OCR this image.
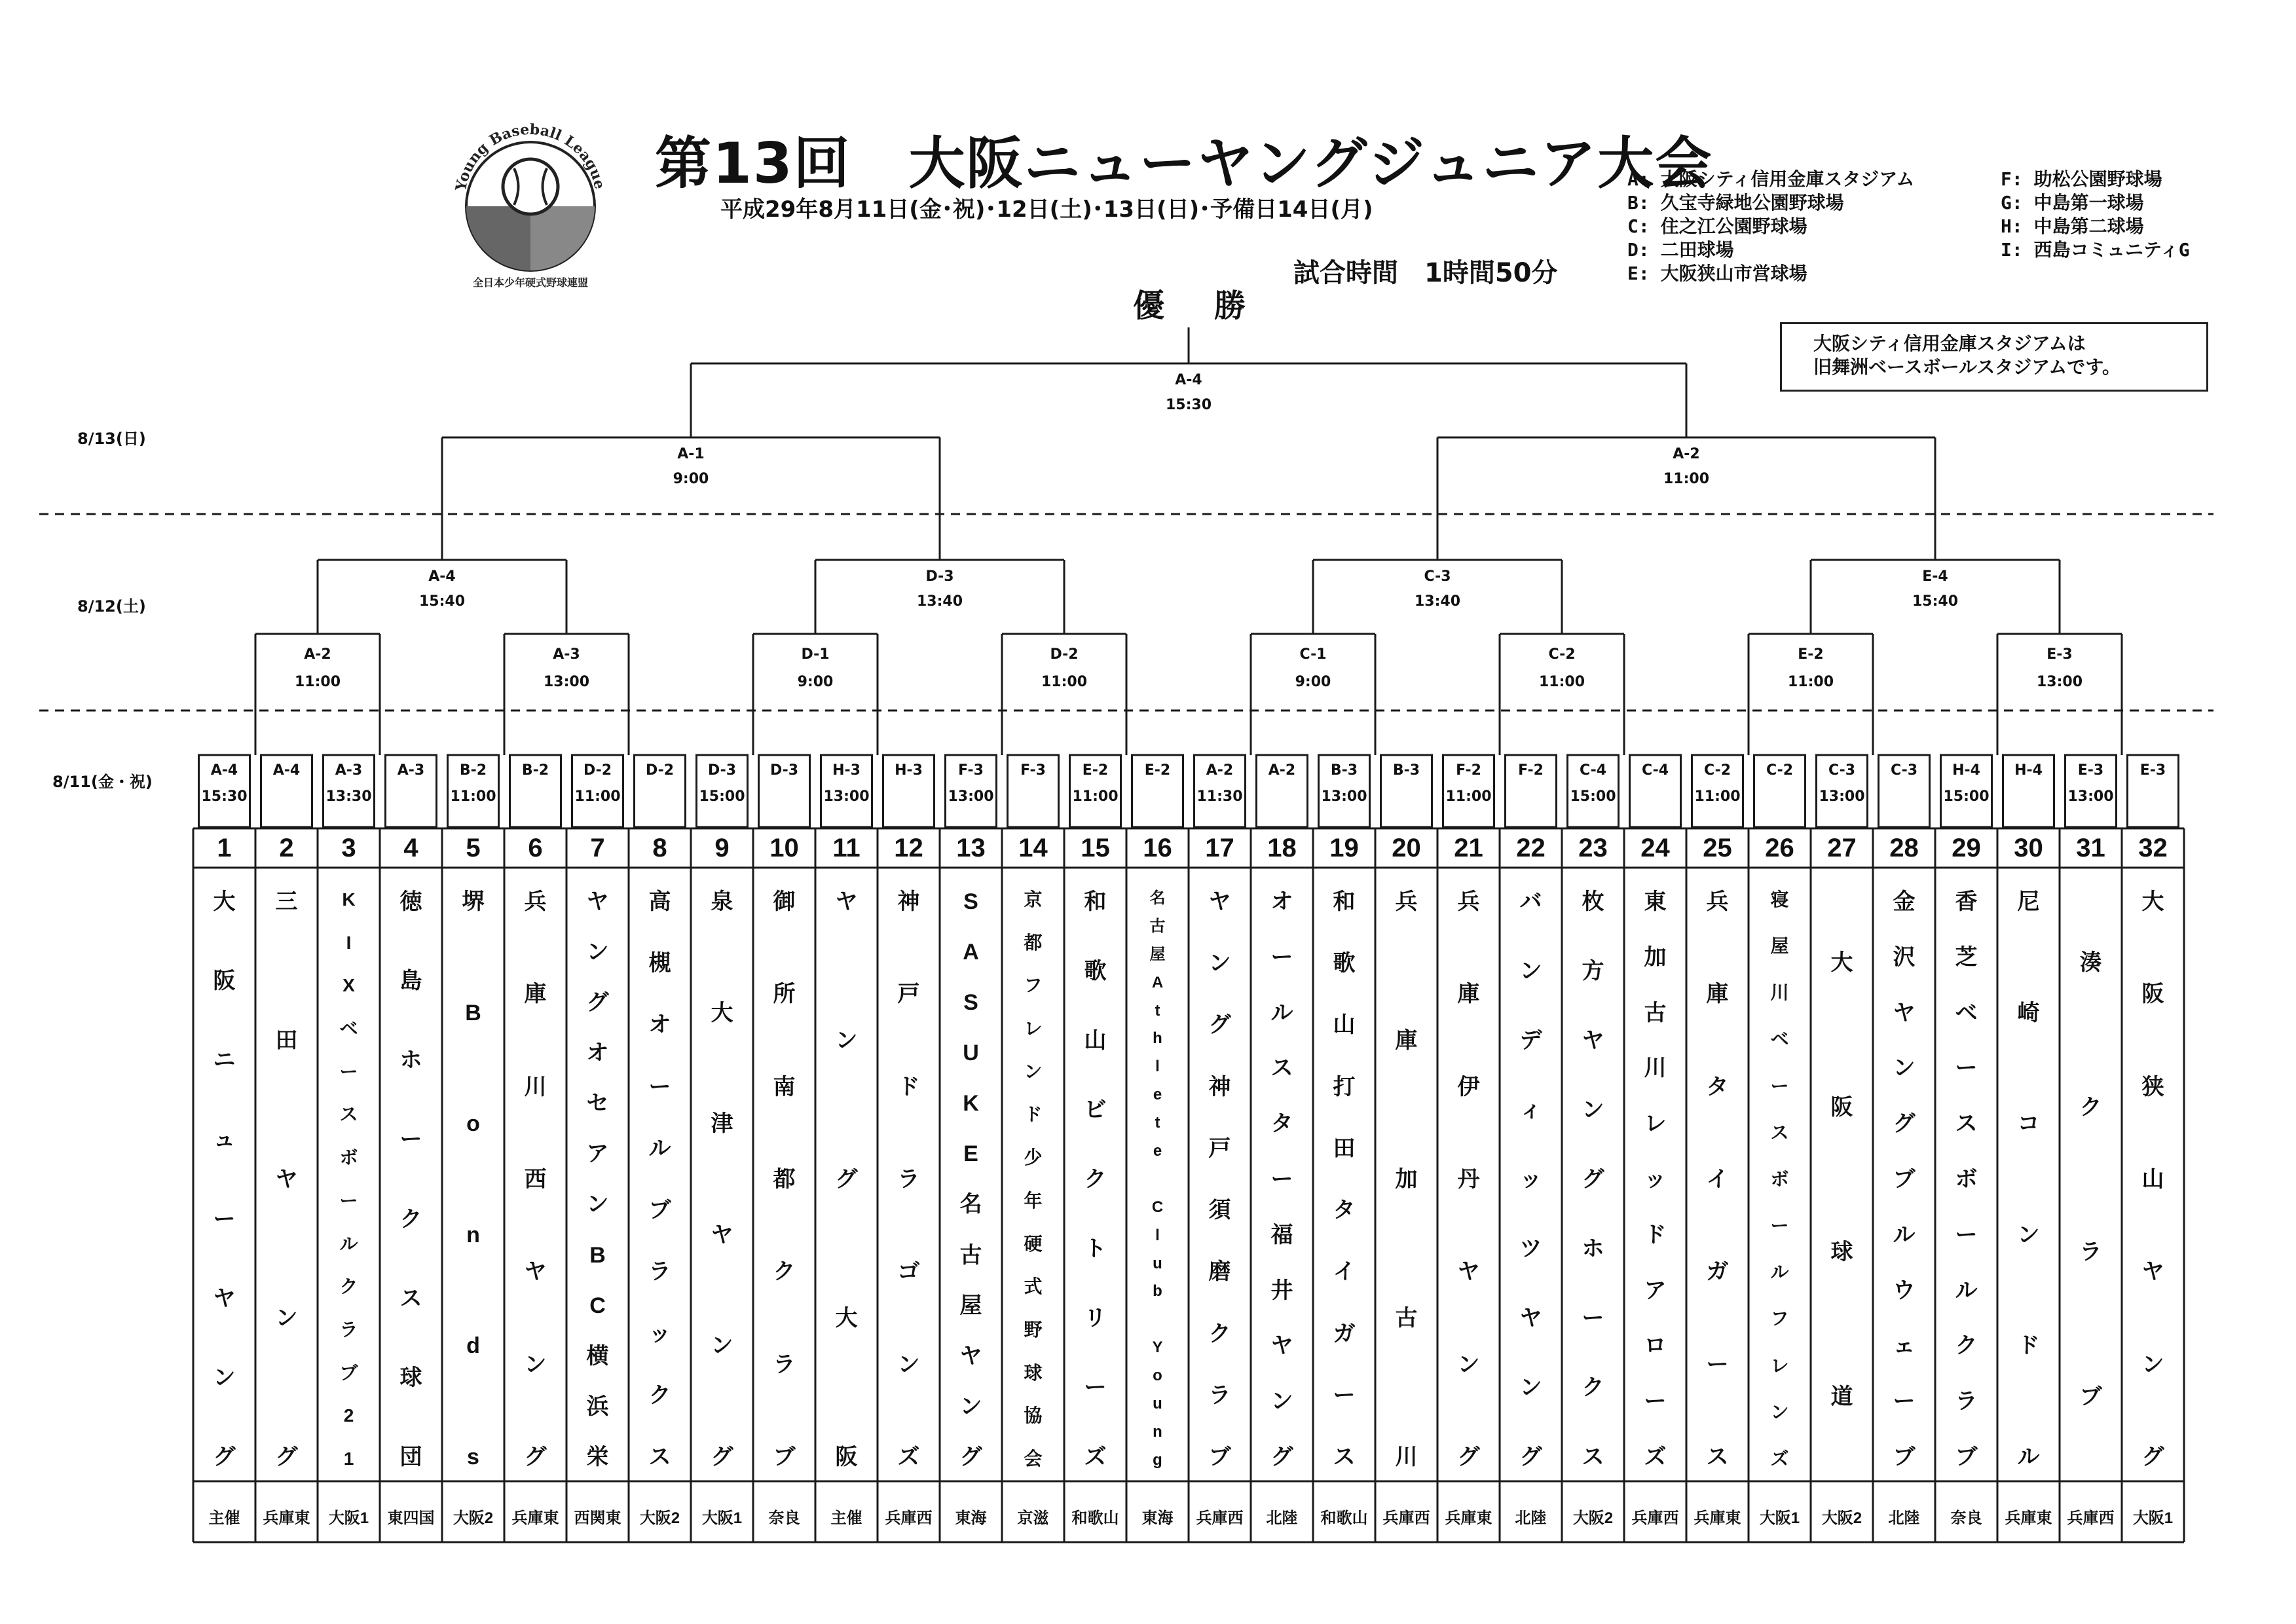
Young Baseball League
全日本少年硬式野球連盟
第13回　大阪ニューヤングジュニア大会
平成29年8月11日(金･祝)･12日(土)･13日(日)･予備日14日(月)
試合時間　1時間50分
優　勝
A: 大阪シティ信用金庫スタジアム
B: 久宝寺緑地公園野球場
C: 住之江公園野球場
D: 二田球場
E: 大阪狭山市営球場
F: 助松公園野球場
G: 中島第一球場
H: 中島第二球場
I: 西島コミュニティG
大阪シティ信用金庫スタジアムは
旧舞洲ベースボールスタジアムです。
8/13(日)
8/12(土)
8/11(金・祝)
A-4
15:30
A-4 A-3
13:30
A-3 B-2
11:00
B-2 D-2
11:00
D-2 D-3
15:00
D-3 H-3
13:00
H-3 F-3
13:00
F-3	E-2
11:00
E-2 A-2
11:30
A-2 B-3
13:00
B-3 F-2
11:00
F-2	C-4
15:00
C-4 C-2
11:00
C-2 C-3
13:00
C-3 H-4
15:00
H-4 E-3
13:00
E-3
A-2
11:00
A-3
13:00
D-1
9:00
D-2
11:00
C-1
9:00
C-2
11:00
E-2
11:00
E-3
13:00
A-4
15:40
D-3
13:40
C-3
13:40
E-4
15:40
A-1
9:00
A-2
11:00
A-4
15:30
1
大
阪
ニ
ュ
ー
ヤ
ン
グ
主催
2
三
田
ヤ
ン
グ
兵庫東
3
K
I
X
ベ
ー
ス
ボ
ー
ル
ク
ラ
ブ
2
1
大阪1
4
徳
島
ホ
ー
ク
ス
球
団
東四国
5
堺
B
o
n
d
s
大阪2
6
兵
庫
川
西
ヤ
ン
グ
兵庫東
7
ヤ
ン
グ
オ
セ
ア
ン
B
C
横
浜
栄
西関東
8
高
槻
オ
ー
ル
ブ
ラ
ッ
ク
ス
大阪2
9
泉
大
津
ヤ
ン
グ
大阪1
10
御
所
南
都
ク
ラ
ブ
奈良
11
ヤ
ン
グ
大
阪
主催
12
神
戸
ド
ラ
ゴ
ン
ズ
兵庫西
13
S
A
S
U
K
E
名
古
屋
ヤ
ン
グ
東海
14
京
都
フ
レ
ン
ド
少
年
硬
式
野
球
協
会
京滋
15
和
歌
山
ビ
ク
ト
リ
ー
ズ
和歌山
16
名
古
屋
A
t
h
l
e
t
e

C
l
u
b

Y
o
u
n
g
東海
17
ヤ
ン
グ
神
戸
須
磨
ク
ラ
ブ
兵庫西
18
オ
ー
ル
ス
タ
ー
福
井
ヤ
ン
グ
北陸
19
和
歌
山
打
田
タ
イ
ガ
ー
ス
和歌山
20
兵
庫
加
古
川
兵庫西
21
兵
庫
伊
丹
ヤ
ン
グ
兵庫東
22
バ
ン
デ
ィ
ッ
ツ
ヤ
ン
グ
北陸
23
枚
方
ヤ
ン
グ
ホ
ー
ク
ス
大阪2
24
東
加
古
川
レ
ッ
ド
ア
ロ
ー
ズ
兵庫西
25
兵
庫
タ
イ
ガ
ー
ス
兵庫東
26
寝
屋
川
ベ
ー
ス
ボ
ー
ル
フ
レ
ン
ズ
大阪1
27
大
阪
球
道
大阪2
28
金
沢
ヤ
ン
グ
ブ
ル
ウ
ェ
ー
ブ
北陸
29
香
芝
ベ
ー
ス
ボ
ー
ル
ク
ラ
ブ
奈良
30
尼
崎
コ
ン
ド
ル
兵庫東
31
湊
ク
ラ
ブ
兵庫西
32
大
阪
狭
山
ヤ
ン
グ
大阪1
